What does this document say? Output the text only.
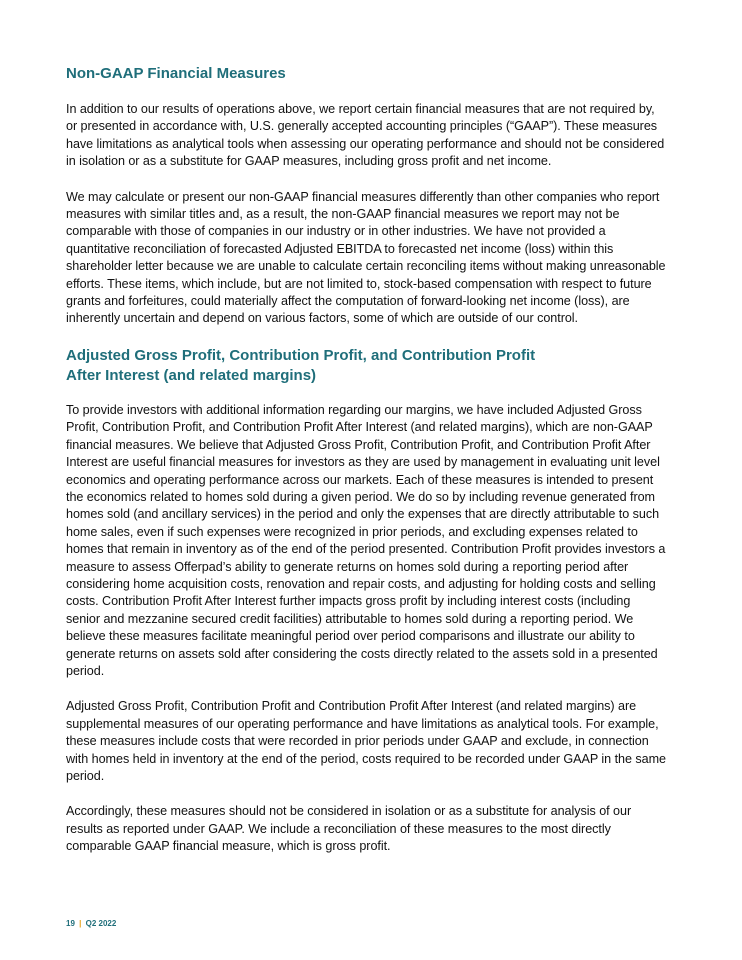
Non-GAAP Financial Measures

In addition to our results of operations above, we report certain financial measures that are not required by, or presented in accordance with, U.S. generally accepted accounting principles (“GAAP”). These measures have limitations as analytical tools when assessing our operating performance and should not be considered in isolation or as a substitute for GAAP measures, including gross profit and net income.

We may calculate or present our non-GAAP financial measures differently than other companies who report measures with similar titles and, as a result, the non-GAAP financial measures we report may not be comparable with those of companies in our industry or in other industries. We have not provided a quantitative reconciliation of forecasted Adjusted EBITDA to forecasted net income (loss) within this shareholder letter because we are unable to calculate certain reconciling items without making unreasonable efforts. These items, which include, but are not limited to, stock-based compensation with respect to future grants and forfeitures, could materially affect the computation of forward-looking net income (loss), are inherently uncertain and depend on various factors, some of which are outside of our control.

Adjusted Gross Profit, Contribution Profit, and Contribution Profit
After Interest (and related margins)

To provide investors with additional information regarding our margins, we have included Adjusted Gross Profit, Contribution Profit, and Contribution Profit After Interest (and related margins), which are non-GAAP financial measures. We believe that Adjusted Gross Profit, Contribution Profit, and Contribution Profit After Interest are useful financial measures for investors as they are used by management in evaluating unit level economics and operating performance across our markets. Each of these measures is intended to present the economics related to homes sold during a given period. We do so by including revenue generated from homes sold (and ancillary services) in the period and only the expenses that are directly attributable to such home sales, even if such expenses were recognized in prior periods, and excluding expenses related to homes that remain in inventory as of the end of the period presented. Contribution Profit provides investors a measure to assess Offerpad’s ability to generate returns on homes sold during a reporting period after considering home acquisition costs, renovation and repair costs, and adjusting for holding costs and selling costs. Contribution Profit After Interest further impacts gross profit by including interest costs (including senior and mezzanine secured credit facilities) attributable to homes sold during a reporting period. We believe these measures facilitate meaningful period over period comparisons and illustrate our ability to generate returns on assets sold after considering the costs directly related to the assets sold in a presented period.

Adjusted Gross Profit, Contribution Profit and Contribution Profit After Interest (and related margins) are supplemental measures of our operating performance and have limitations as analytical tools. For example, these measures include costs that were recorded in prior periods under GAAP and exclude, in connection with homes held in inventory at the end of the period, costs required to be recorded under GAAP in the same period.

Accordingly, these measures should not be considered in isolation or as a substitute for analysis of our results as reported under GAAP. We include a reconciliation of these measures to the most directly comparable GAAP financial measure, which is gross profit.

19 | Q2 2022
